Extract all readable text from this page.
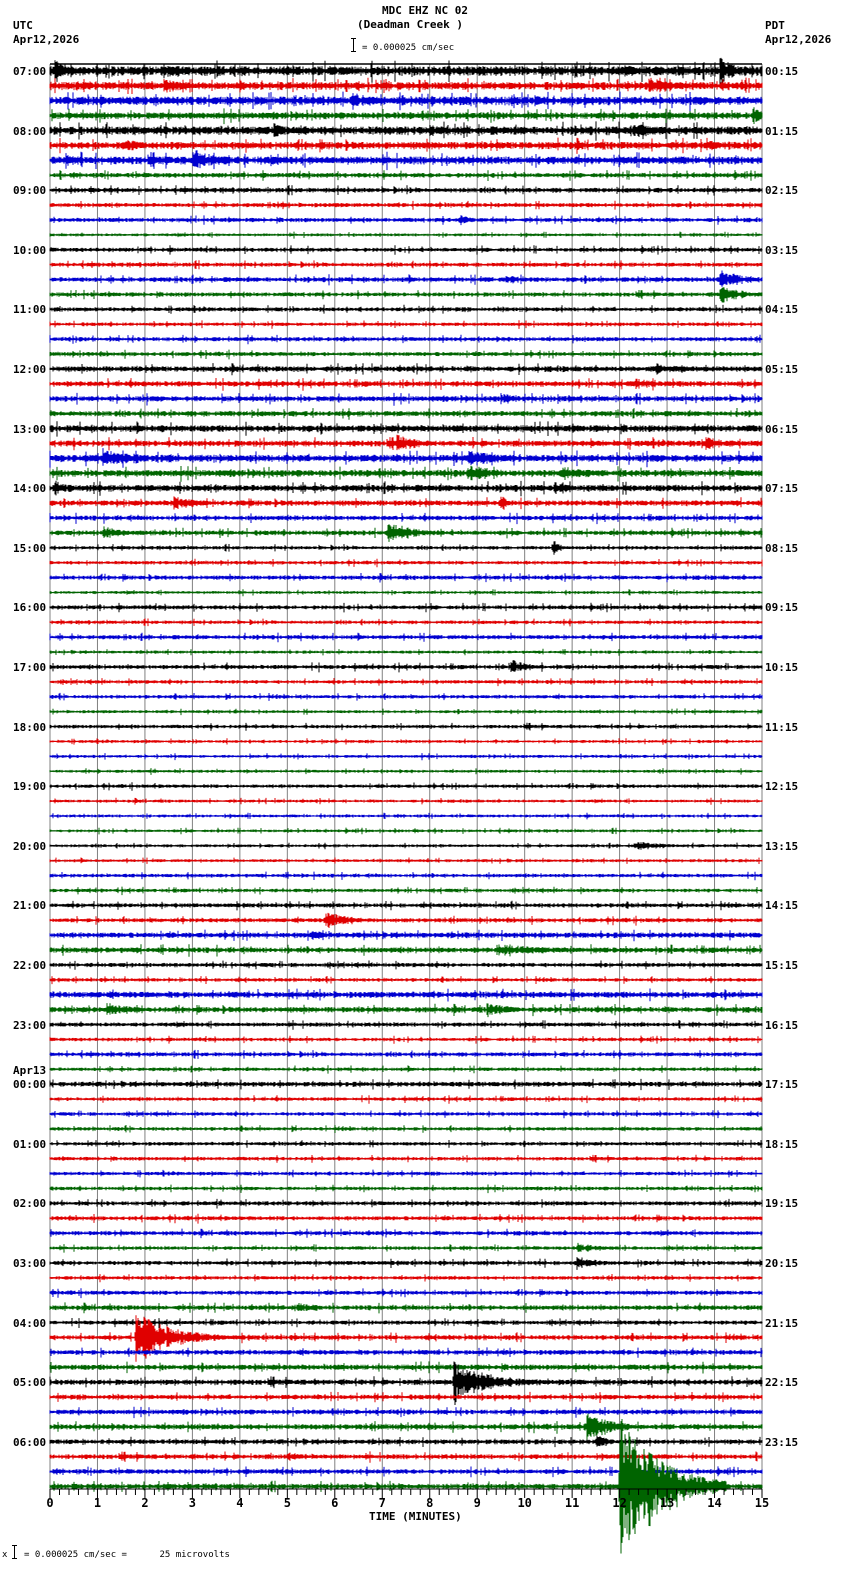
0	1	2	3	4	5	6	7	8	9	10	11	12	13	14	15
MDC EHZ NC 02
(Deadman Creek )
UTC
Apr12,2026
PDT
Apr12,2026
= 0.000025 cm/sec
07:00
08:00
09:00
10:00
11:00
12:00
13:00
14:00
15:00
16:00
17:00
18:00
19:00
20:00
21:00
22:00
23:00
Apr13
00:00
01:00
02:00
03:00
04:00
05:00
06:00
00:15
01:15
02:15
03:15
04:15
05:15
06:15
07:15
08:15
09:15
10:15
11:15
12:15
13:15
14:15
15:15
16:15
17:15
18:15
19:15
20:15
21:15
22:15
23:15
TIME (MINUTES)
x = 0.000025 cm/sec =      25 microvolts
